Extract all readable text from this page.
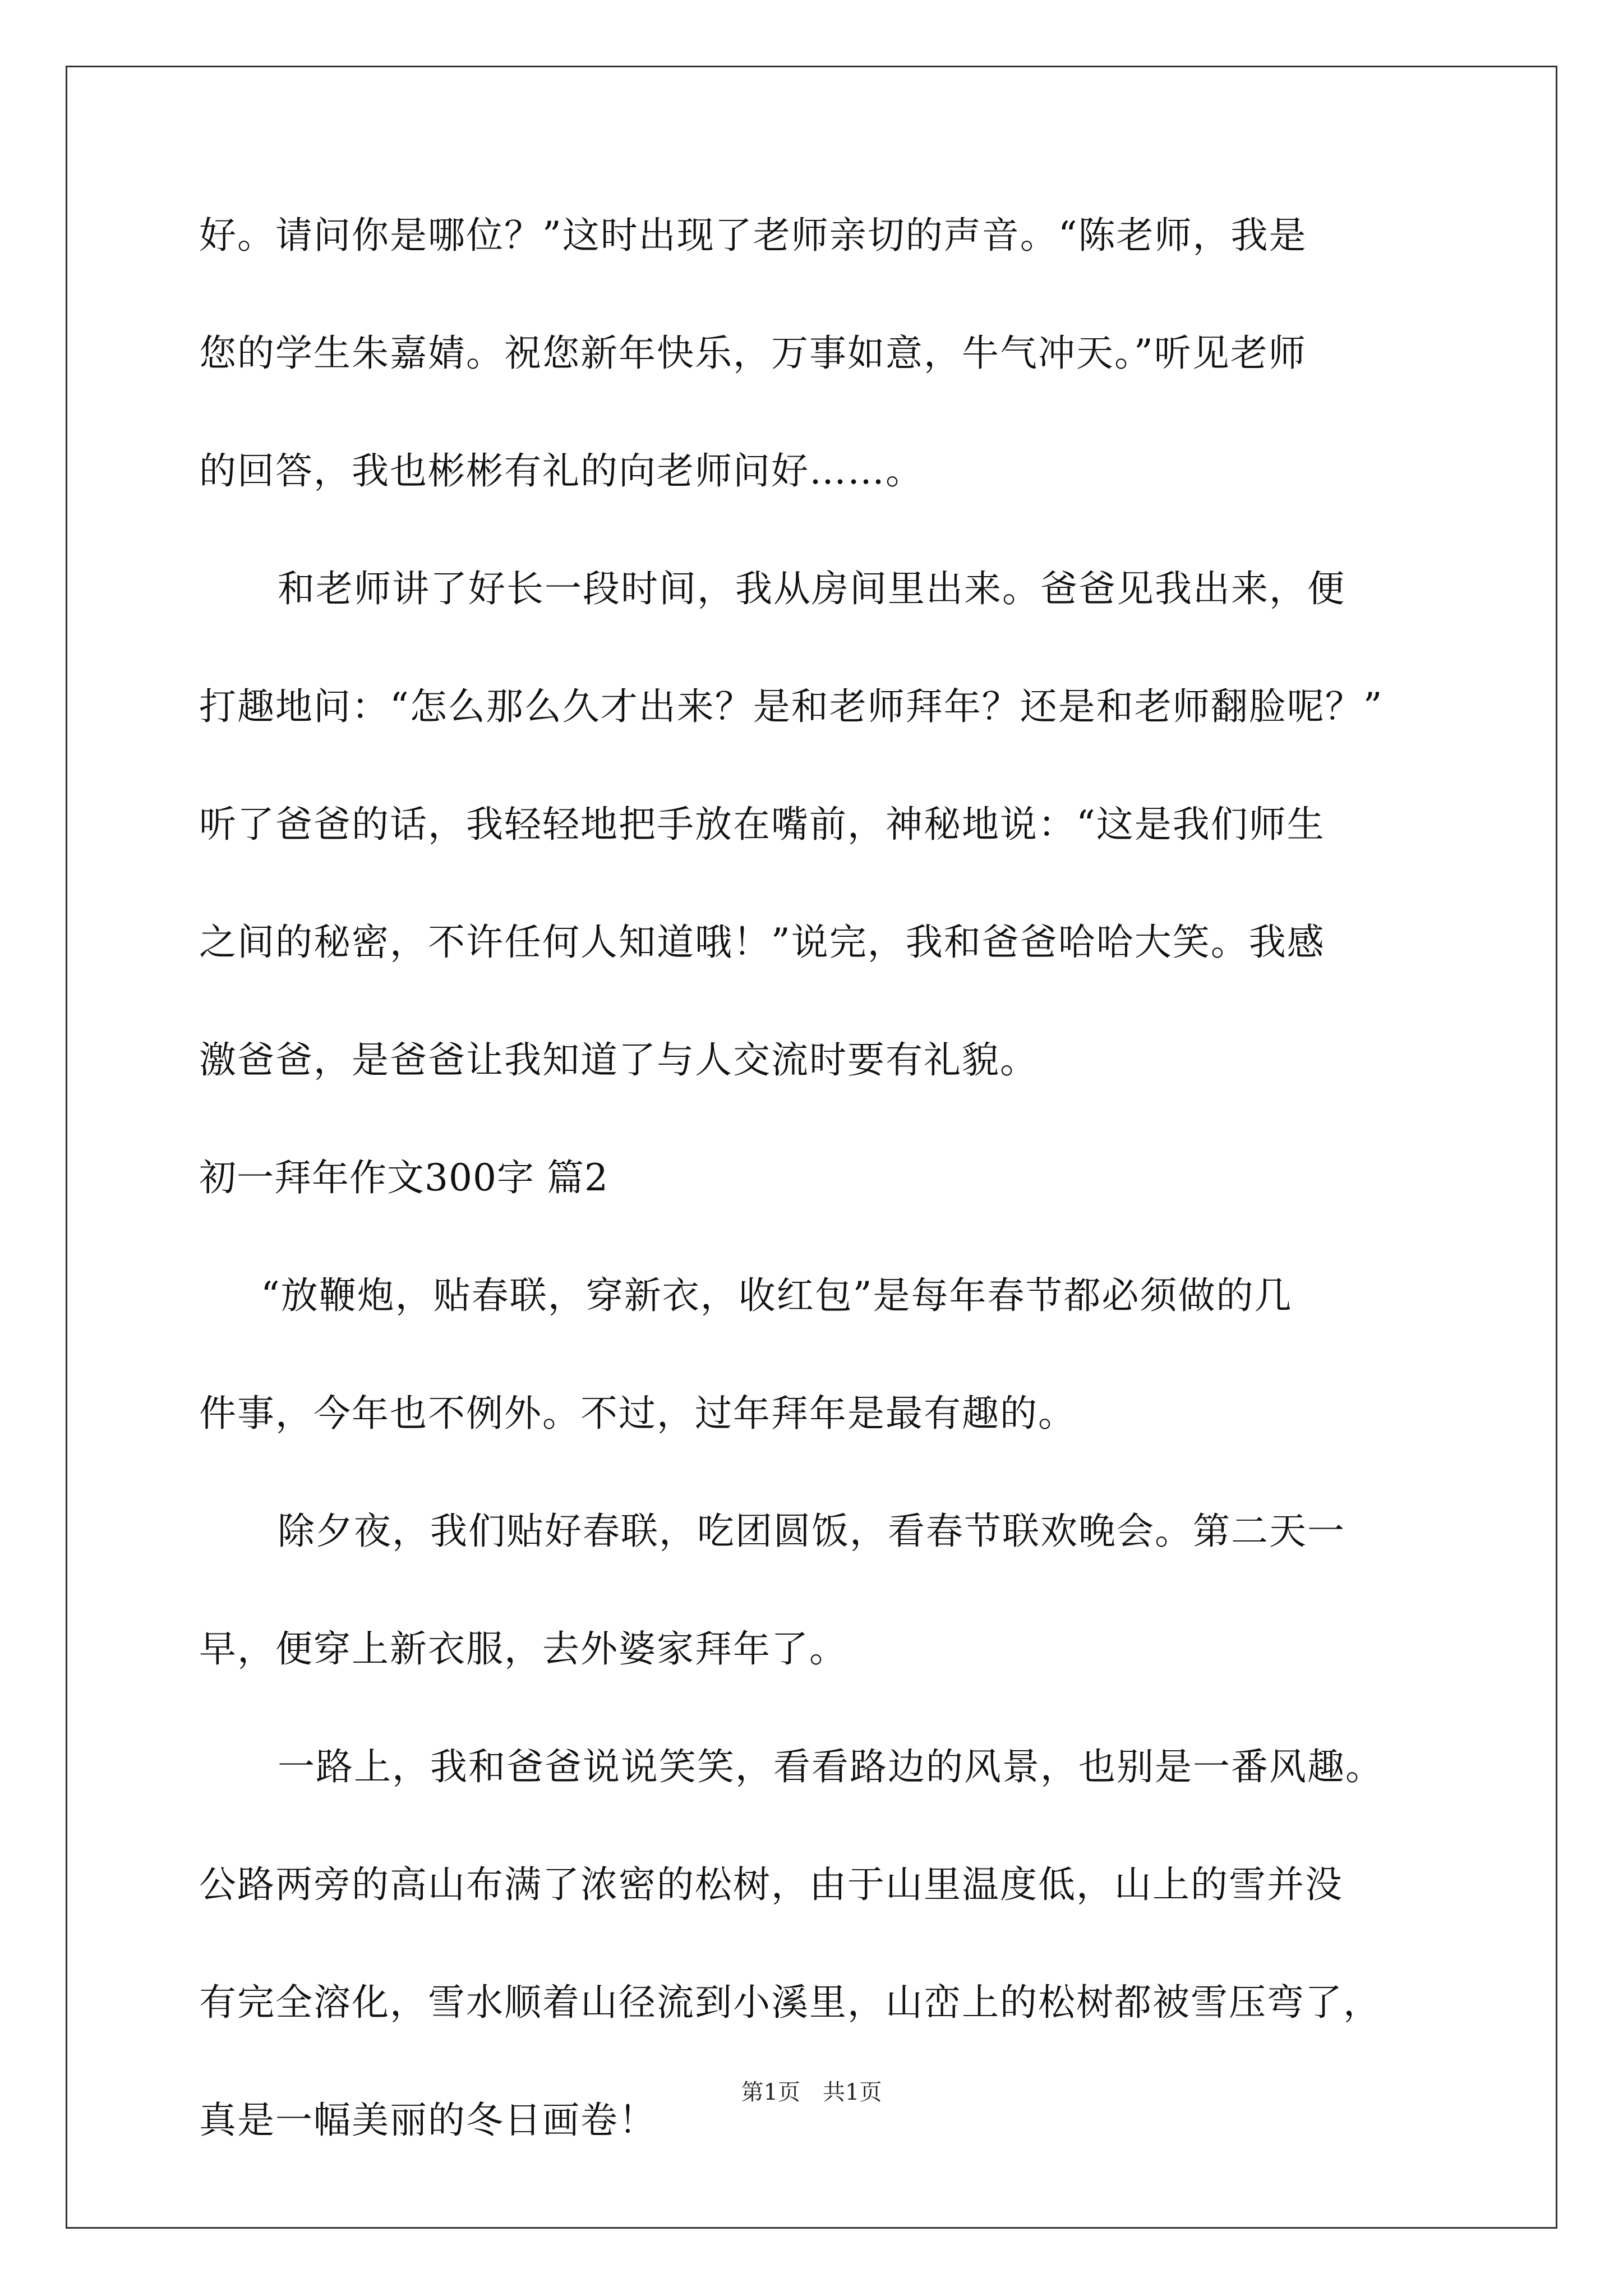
好。请问你是哪位？”这时出现了老师亲切的声音。“陈老师，我是
您的学生朱嘉婧。祝您新年快乐，万事如意，牛气冲天。”听见老师
的回答，我也彬彬有礼的向老师问好……。
和老师讲了好长一段时间，我从房间里出来。爸爸见我出来，便
打趣地问：“怎么那么久才出来？是和老师拜年？还是和老师翻脸呢？”
听了爸爸的话，我轻轻地把手放在嘴前，神秘地说：“这是我们师生
之间的秘密，不许任何人知道哦！”说完，我和爸爸哈哈大笑。我感
激爸爸，是爸爸让我知道了与人交流时要有礼貌。
初一拜年作文300字 篇2
“放鞭炮，贴春联，穿新衣，收红包”是每年春节都必须做的几
件事，今年也不例外。不过，过年拜年是最有趣的。
除夕夜，我们贴好春联，吃团圆饭，看春节联欢晚会。第二天一
早，便穿上新衣服，去外婆家拜年了。
一路上，我和爸爸说说笑笑，看看路边的风景，也别是一番风趣。
公路两旁的高山布满了浓密的松树，由于山里温度低，山上的雪并没
有完全溶化，雪水顺着山径流到小溪里，山峦上的松树都被雪压弯了，
真是一幅美丽的冬日画卷！
第1页　共1页
